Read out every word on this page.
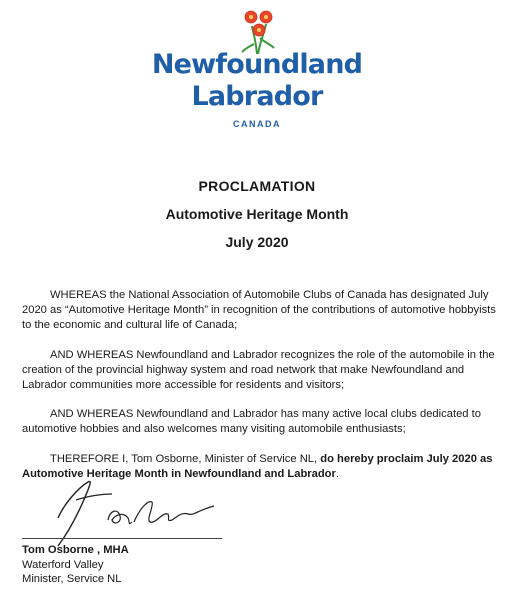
Newfoundland
Labrador
CANADA
PROCLAMATION
Automotive Heritage Month
July 2020

WHEREAS the National Association of Automobile Clubs of Canada has designated July 2020 as “Automotive Heritage Month” in recognition of the contributions of automotive hobbyists to the economic and cultural life of Canada;

AND WHEREAS Newfoundland and Labrador recognizes the role of the automobile in the creation of the provincial highway system and road network that make Newfoundland and Labrador communities more accessible for residents and visitors;

AND WHEREAS Newfoundland and Labrador has many active local clubs dedicated to automotive hobbies and also welcomes many visiting automobile enthusiasts;

THEREFORE I, Tom Osborne, Minister of Service NL, do hereby proclaim July 2020 as Automotive Heritage Month in Newfoundland and Labrador.

Tom Osborne , MHA
Waterford Valley
Minister, Service NL
